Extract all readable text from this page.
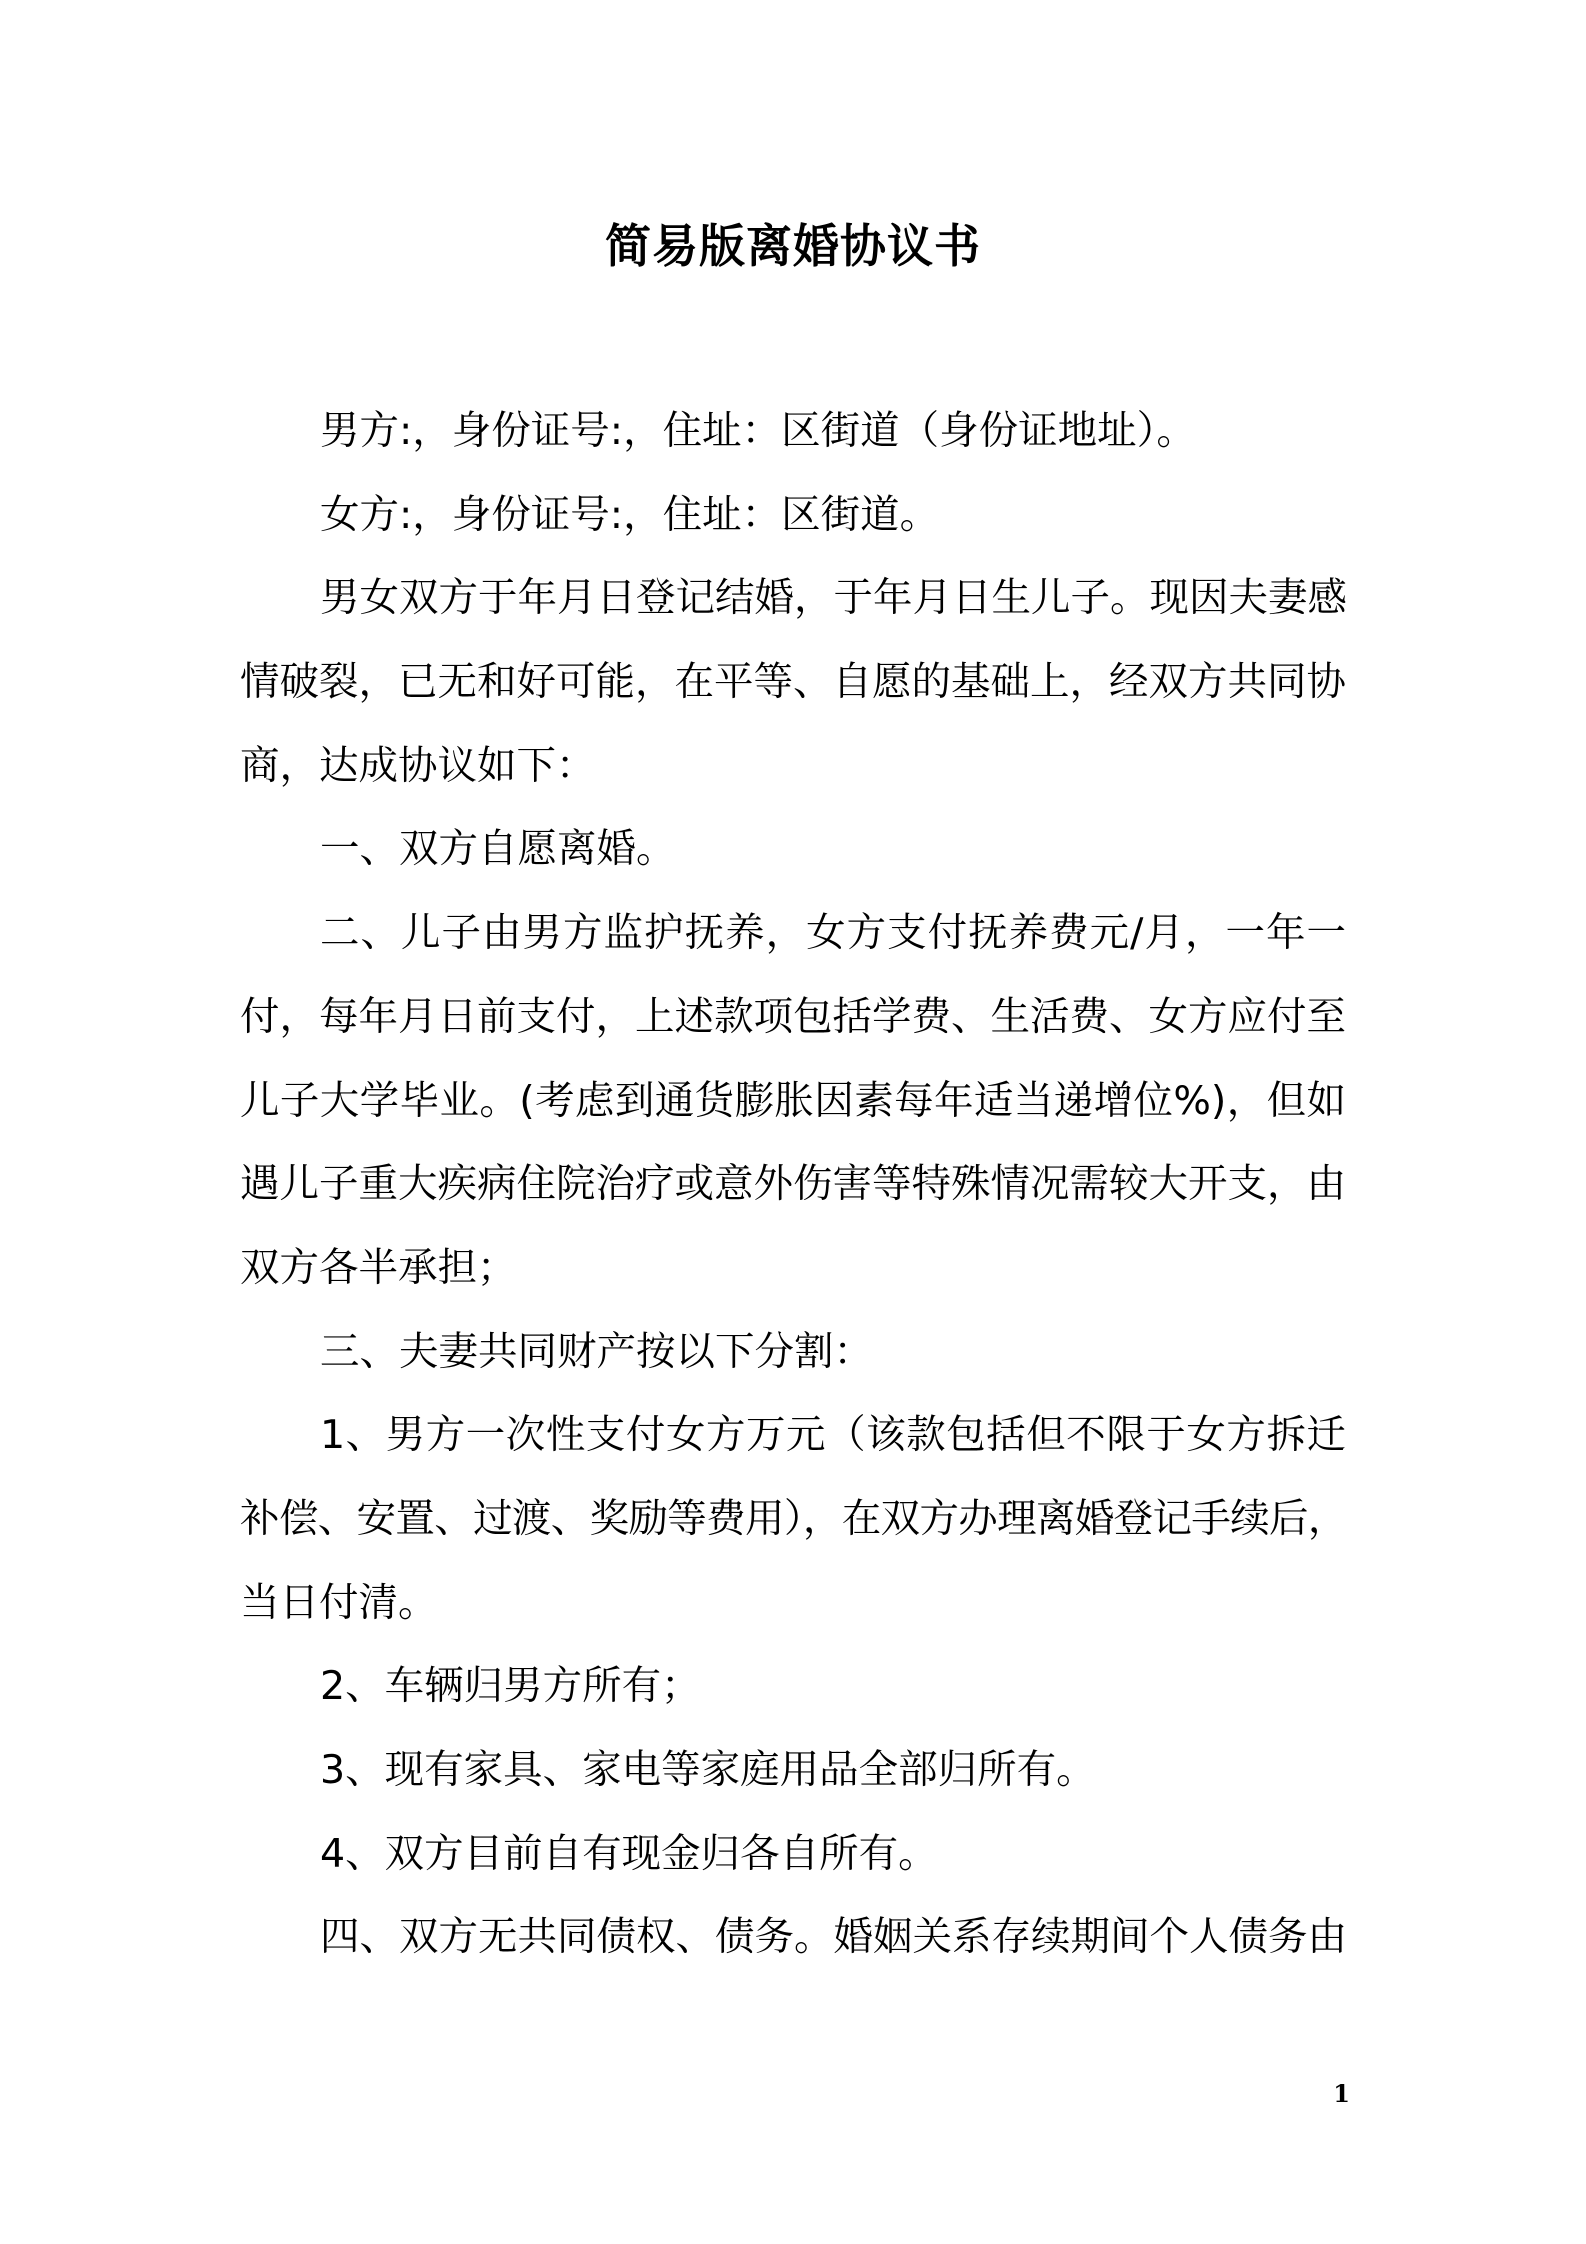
简易版离婚协议书
男方:，身份证号:，住址：区街道（身份证地址）。
女方:，身份证号:，住址：区街道。
男女双方于年月日登记结婚，于年月日生儿子。现因夫妻感
情破裂，已无和好可能，在平等、自愿的基础上，经双方共同协
商，达成协议如下：
一、双方自愿离婚。
二、儿子由男方监护抚养，女方支付抚养费元/月，一年一
付，每年月日前支付，上述款项包括学费、生活费、女方应付至
儿子大学毕业。(考虑到通货膨胀因素每年适当递增位%)，但如
遇儿子重大疾病住院治疗或意外伤害等特殊情况需较大开支，由
双方各半承担；
三、夫妻共同财产按以下分割：
1、男方一次性支付女方万元（该款包括但不限于女方拆迁
补偿、安置、过渡、奖励等费用），在双方办理离婚登记手续后，
当日付清。
2、车辆归男方所有；
3、现有家具、家电等家庭用品全部归所有。
4、双方目前自有现金归各自所有。
四、双方无共同债权、债务。婚姻关系存续期间个人债务由
1
